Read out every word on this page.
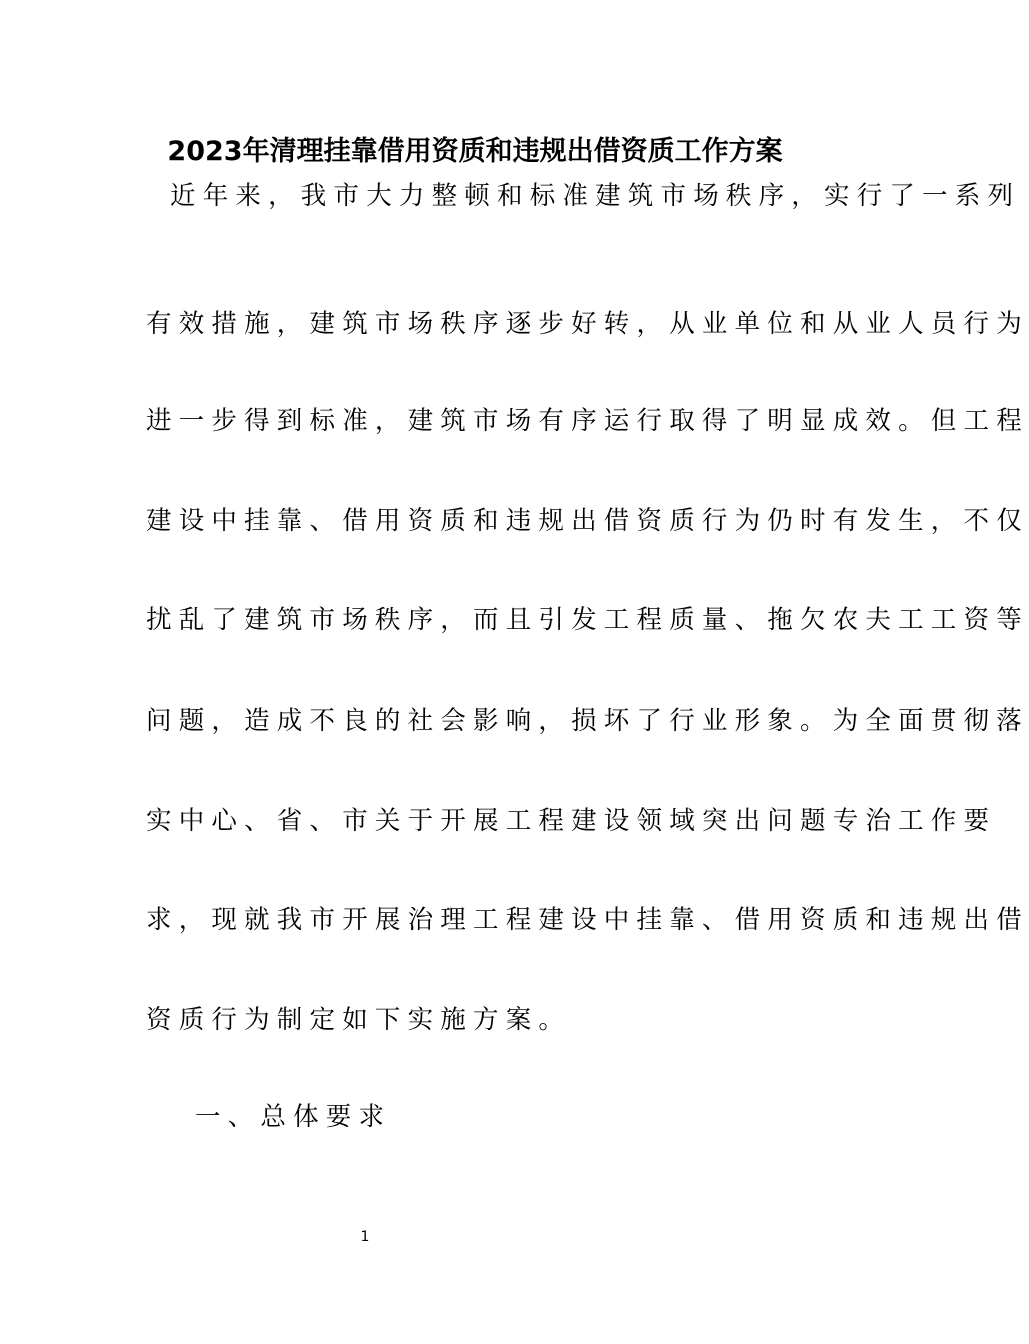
2023年清理挂靠借用资质和违规出借资质工作方案
近年来，我市大力整顿和标准建筑市场秩序，实行了一系列
有效措施，建筑市场秩序逐步好转，从业单位和从业人员行为
进一步得到标准，建筑市场有序运行取得了明显成效。但工程
建设中挂靠、借用资质和违规出借资质行为仍时有发生，不仅
扰乱了建筑市场秩序，而且引发工程质量、拖欠农夫工工资等
问题，造成不良的社会影响，损坏了行业形象。为全面贯彻落
实中心、省、市关于开展工程建设领域突出问题专治工作要
求，现就我市开展治理工程建设中挂靠、借用资质和违规出借
资质行为制定如下实施方案。
一、总体要求
1
